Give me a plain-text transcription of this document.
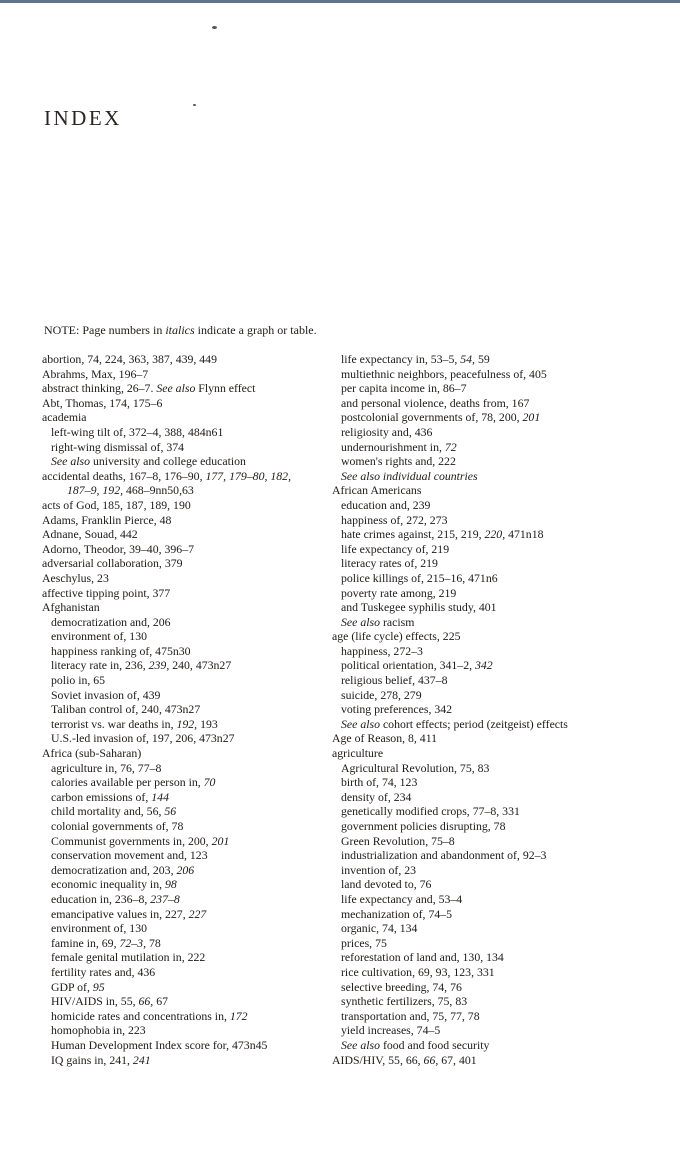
INDEX
NOTE: Page numbers in italics indicate a graph or table.
abortion, 74, 224, 363, 387, 439, 449
Abrahms, Max, 196–7
abstract thinking, 26–7. See also Flynn effect
Abt, Thomas, 174, 175–6
academia
left-wing tilt of, 372–4, 388, 484n61
right-wing dismissal of, 374
See also university and college education
accidental deaths, 167–8, 176–90, 177, 179–80, 182,
187–9, 192, 468–9nn50,63
acts of God, 185, 187, 189, 190
Adams, Franklin Pierce, 48
Adnane, Souad, 442
Adorno, Theodor, 39–40, 396–7
adversarial collaboration, 379
Aeschylus, 23
affective tipping point, 377
Afghanistan
democratization and, 206
environment of, 130
happiness ranking of, 475n30
literacy rate in, 236, 239, 240, 473n27
polio in, 65
Soviet invasion of, 439
Taliban control of, 240, 473n27
terrorist vs. war deaths in, 192, 193
U.S.-led invasion of, 197, 206, 473n27
Africa (sub-Saharan)
agriculture in, 76, 77–8
calories available per person in, 70
carbon emissions of, 144
child mortality and, 56, 56
colonial governments of, 78
Communist governments in, 200, 201
conservation movement and, 123
democratization and, 203, 206
economic inequality in, 98
education in, 236–8, 237–8
emancipative values in, 227, 227
environment of, 130
famine in, 69, 72–3, 78
female genital mutilation in, 222
fertility rates and, 436
GDP of, 95
HIV/AIDS in, 55, 66, 67
homicide rates and concentrations in, 172
homophobia in, 223
Human Development Index score for, 473n45
IQ gains in, 241, 241
life expectancy in, 53–5, 54, 59
multiethnic neighbors, peacefulness of, 405
per capita income in, 86–7
and personal violence, deaths from, 167
postcolonial governments of, 78, 200, 201
religiosity and, 436
undernourishment in, 72
women's rights and, 222
See also individual countries
African Americans
education and, 239
happiness of, 272, 273
hate crimes against, 215, 219, 220, 471n18
life expectancy of, 219
literacy rates of, 219
police killings of, 215–16, 471n6
poverty rate among, 219
and Tuskegee syphilis study, 401
See also racism
age (life cycle) effects, 225
happiness, 272–3
political orientation, 341–2, 342
religious belief, 437–8
suicide, 278, 279
voting preferences, 342
See also cohort effects; period (zeitgeist) effects
Age of Reason, 8, 411
agriculture
Agricultural Revolution, 75, 83
birth of, 74, 123
density of, 234
genetically modified crops, 77–8, 331
government policies disrupting, 78
Green Revolution, 75–8
industrialization and abandonment of, 92–3
invention of, 23
land devoted to, 76
life expectancy and, 53–4
mechanization of, 74–5
organic, 74, 134
prices, 75
reforestation of land and, 130, 134
rice cultivation, 69, 93, 123, 331
selective breeding, 74, 76
synthetic fertilizers, 75, 83
transportation and, 75, 77, 78
yield increases, 74–5
See also food and food security
AIDS/HIV, 55, 66, 66, 67, 401
